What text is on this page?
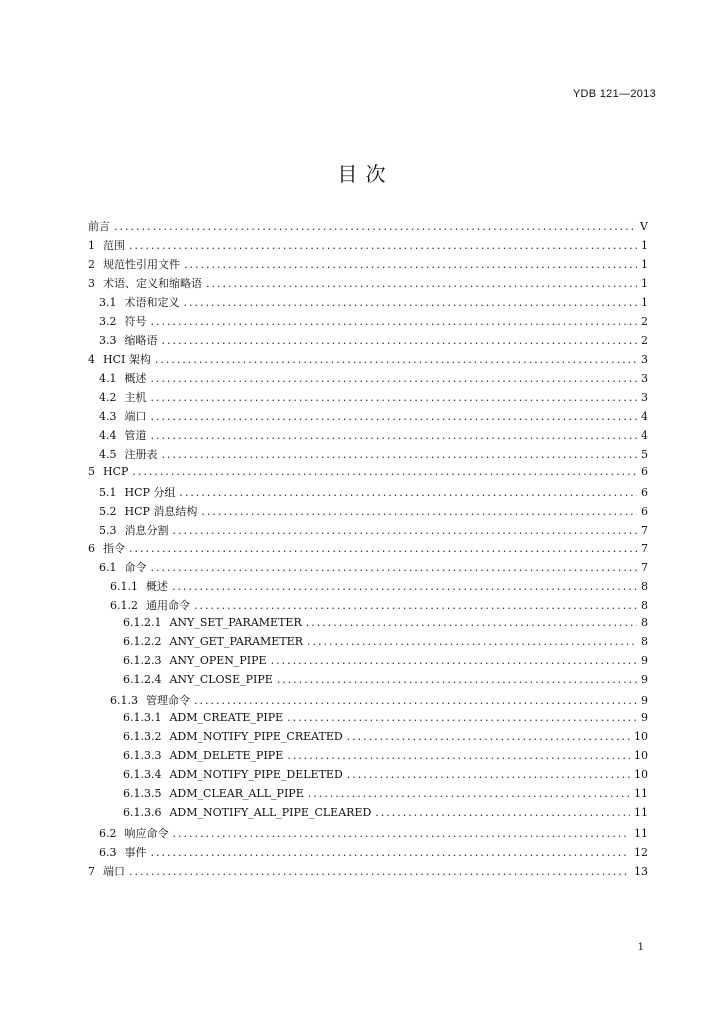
YDB 121—2013
目 次
前言 .....	V
1 范围 .....	1
2 规范性引用文件 .....	1
3 术语、定义和缩略语 .....	1
3.1 术语和定义 .....	1
3.2 符号 .....	2
3.3 缩略语 .....	2
4 HCI 架构 .....	3
4.1 概述 .....	3
4.2 主机 .....	3
4.3 端口 .....	4
4.4 管道 .....	4
4.5 注册表 .....	5
5 HCP .....	6
5.1 HCP 分组 .....	6
5.2 HCP 消息结构 .....	6
5.3 消息分割 .....	7
6 指令 .....	7
6.1 命令 .....	7
6.1.1 概述 .....	8
6.1.2 通用命令 .....	8
6.1.2.1 ANY_SET_PARAMETER .....	8
6.1.2.2 ANY_GET_PARAMETER .....	8
6.1.2.3 ANY_OPEN_PIPE .....	9
6.1.2.4 ANY_CLOSE_PIPE .....	9
6.1.3 管理命令 .....	9
6.1.3.1 ADM_CREATE_PIPE .....	9
6.1.3.2 ADM_NOTIFY_PIPE_CREATED .....	10
6.1.3.3 ADM_DELETE_PIPE .....	10
6.1.3.4 ADM_NOTIFY_PIPE_DELETED .....	10
6.1.3.5 ADM_CLEAR_ALL_PIPE .....	11
6.1.3.6 ADM_NOTIFY_ALL_PIPE_CLEARED .....	11
6.2 响应命令 .....	11
6.3 事件 .....	12
7 端口 .....	13
1
